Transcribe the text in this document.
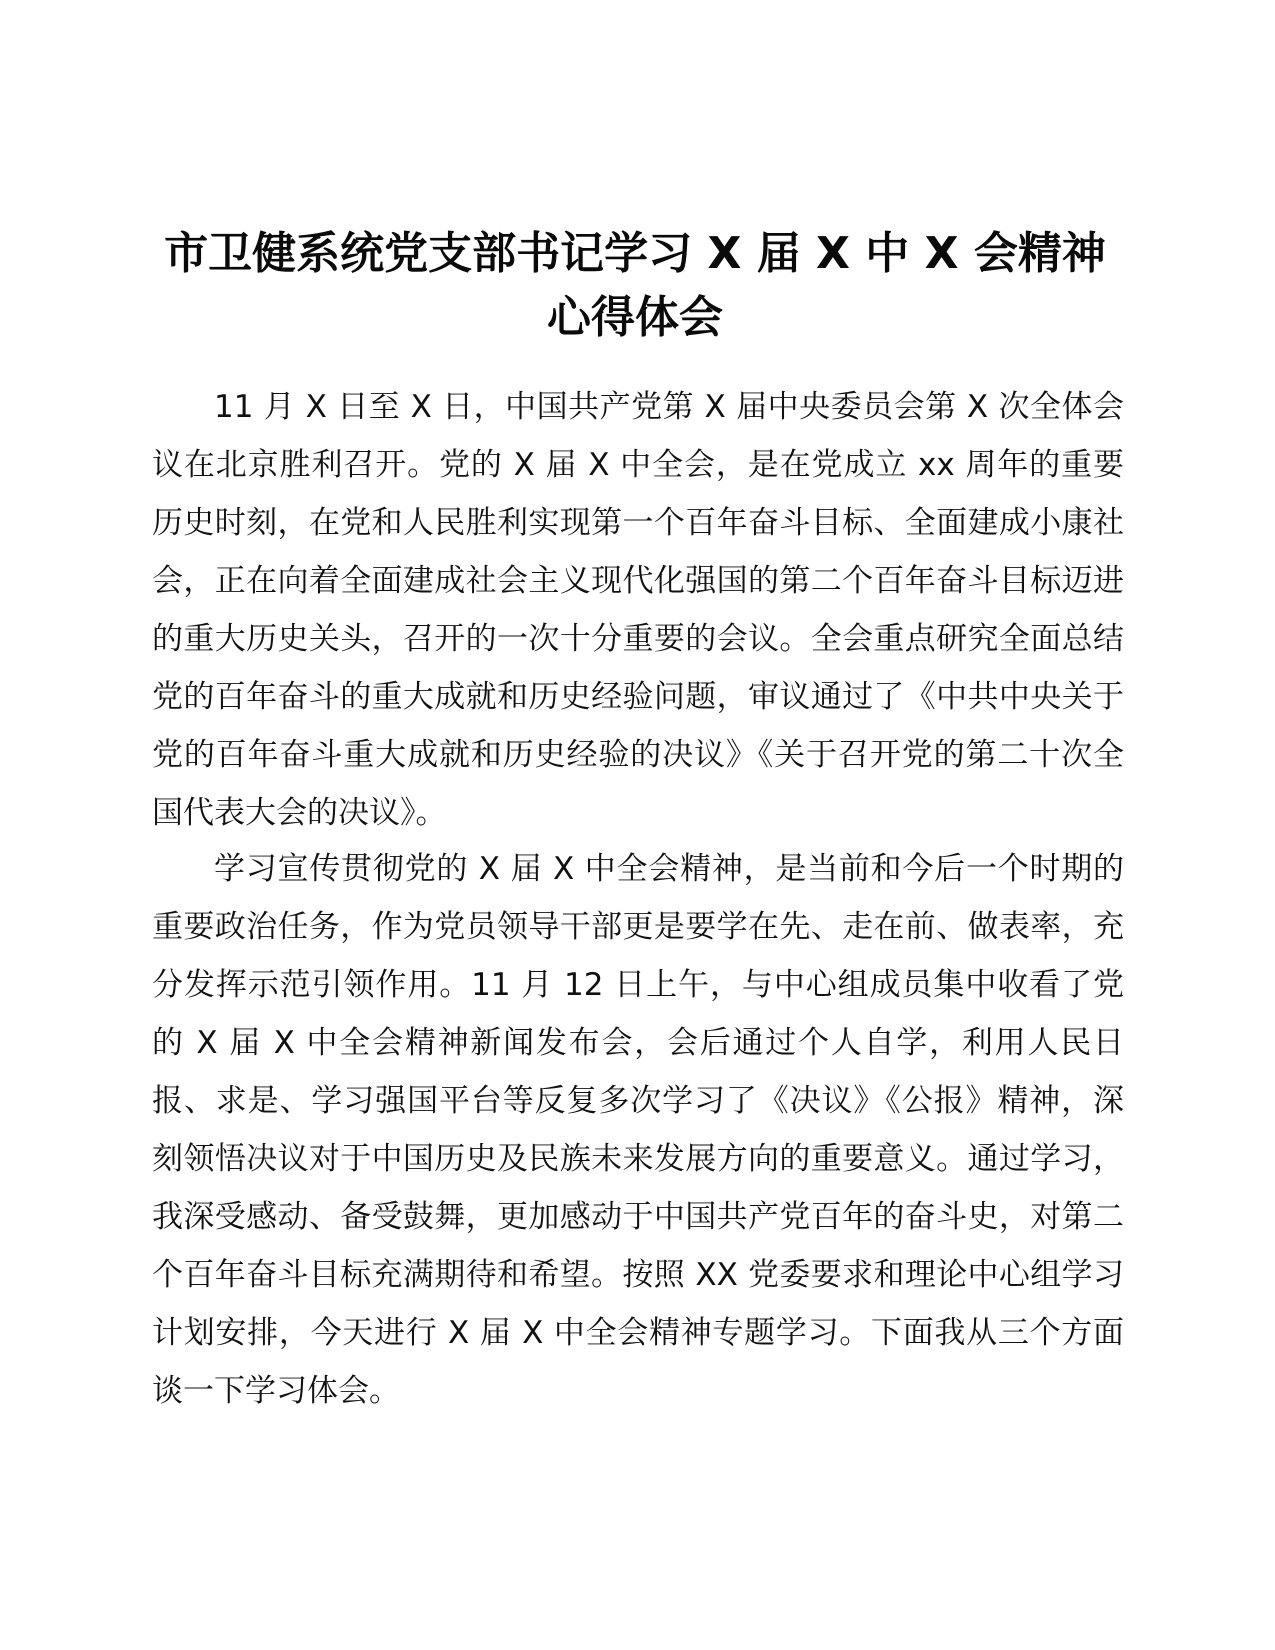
市卫健系统党支部书记学习 X 届 X 中 X 会精神
心得体会

11 月 X 日至 X 日，中国共产党第 X 届中央委员会第 X 次全体会议在北京胜利召开。党的 X 届 X 中全会，是在党成立 xx 周年的重要历史时刻，在党和人民胜利实现第一个百年奋斗目标、全面建成小康社会，正在向着全面建成社会主义现代化强国的第二个百年奋斗目标迈进的重大历史关头，召开的一次十分重要的会议。全会重点研究全面总结党的百年奋斗的重大成就和历史经验问题，审议通过了《中共中央关于党的百年奋斗重大成就和历史经验的决议》《关于召开党的第二十次全国代表大会的决议》。

学习宣传贯彻党的 X 届 X 中全会精神，是当前和今后一个时期的重要政治任务，作为党员领导干部更是要学在先、走在前、做表率，充分发挥示范引领作用。11 月 12 日上午，与中心组成员集中收看了党的 X 届 X 中全会精神新闻发布会，会后通过个人自学，利用人民日报、求是、学习强国平台等反复多次学习了《决议》《公报》精神，深刻领悟决议对于中国历史及民族未来发展方向的重要意义。通过学习，我深受感动、备受鼓舞，更加感动于中国共产党百年的奋斗史，对第二个百年奋斗目标充满期待和希望。按照 XX 党委要求和理论中心组学习计划安排，今天进行 X 届 X 中全会精神专题学习。下面我从三个方面谈一下学习体会。
